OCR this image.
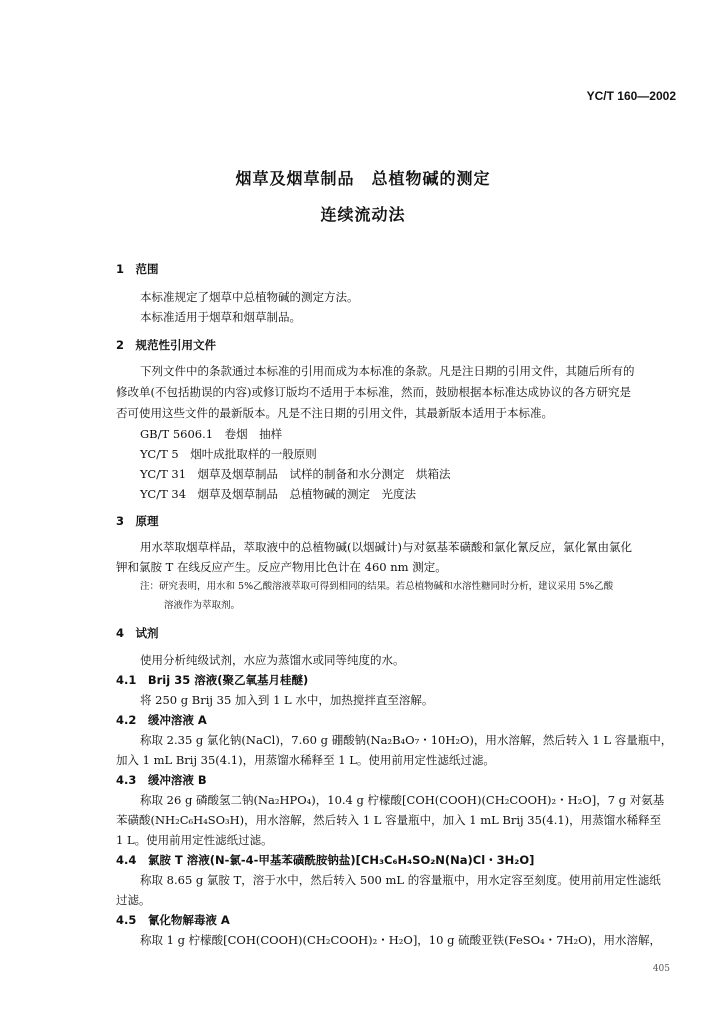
YC/T 160—2002
烟草及烟草制品　总植物碱的测定
连续流动法
1　范围
本标准规定了烟草中总植物碱的测定方法。
本标准适用于烟草和烟草制品。
2　规范性引用文件
下列文件中的条款通过本标准的引用而成为本标准的条款。凡是注日期的引用文件，其随后所有的
修改单(不包括勘误的内容)或修订版均不适用于本标准，然而，鼓励根据本标准达成协议的各方研究是
否可使用这些文件的最新版本。凡是不注日期的引用文件，其最新版本适用于本标准。
GB/T 5606.1　卷烟　抽样
YC/T 5　烟叶成批取样的一般原则
YC/T 31　烟草及烟草制品　试样的制备和水分测定　烘箱法
YC/T 34　烟草及烟草制品　总植物碱的测定　光度法
3　原理
用水萃取烟草样品，萃取液中的总植物碱(以烟碱计)与对氨基苯磺酸和氯化氰反应，氯化氰由氯化
钾和氯胺 T 在线反应产生。反应产物用比色计在 460 nm 测定。
注：研究表明，用水和 5%乙酸溶液萃取可得到相同的结果。若总植物碱和水溶性糖同时分析，建议采用 5%乙酸
溶液作为萃取剂。
4　试剂
使用分析纯级试剂，水应为蒸馏水或同等纯度的水。
4.1　Brij 35 溶液(聚乙氧基月桂醚)
将 250 g Brij 35 加入到 1 L 水中，加热搅拌直至溶解。
4.2　缓冲溶液 A
称取 2.35 g 氯化钠(NaCl)，7.60 g 硼酸钠(Na₂B₄O₇・10H₂O)，用水溶解，然后转入 1 L 容量瓶中，
加入 1 mL Brij 35(4.1)，用蒸馏水稀释至 1 L。使用前用定性滤纸过滤。
4.3　缓冲溶液 B
称取 26 g 磷酸氢二钠(Na₂HPO₄)，10.4 g 柠檬酸[COH(COOH)(CH₂COOH)₂・H₂O]，7 g 对氨基
苯磺酸(NH₂C₆H₄SO₃H)，用水溶解，然后转入 1 L 容量瓶中，加入 1 mL Brij 35(4.1)，用蒸馏水稀释至
1 L。使用前用定性滤纸过滤。
4.4　氯胺 T 溶液(N-氯-4-甲基苯磺酰胺钠盐)[CH₃C₆H₄SO₂N(Na)Cl・3H₂O]
称取 8.65 g 氯胺 T，溶于水中，然后转入 500 mL 的容量瓶中，用水定容至刻度。使用前用定性滤纸
过滤。
4.5　氰化物解毒液 A
称取 1 g 柠檬酸[COH(COOH)(CH₂COOH)₂・H₂O]，10 g 硫酸亚铁(FeSO₄・7H₂O)，用水溶解，
405
